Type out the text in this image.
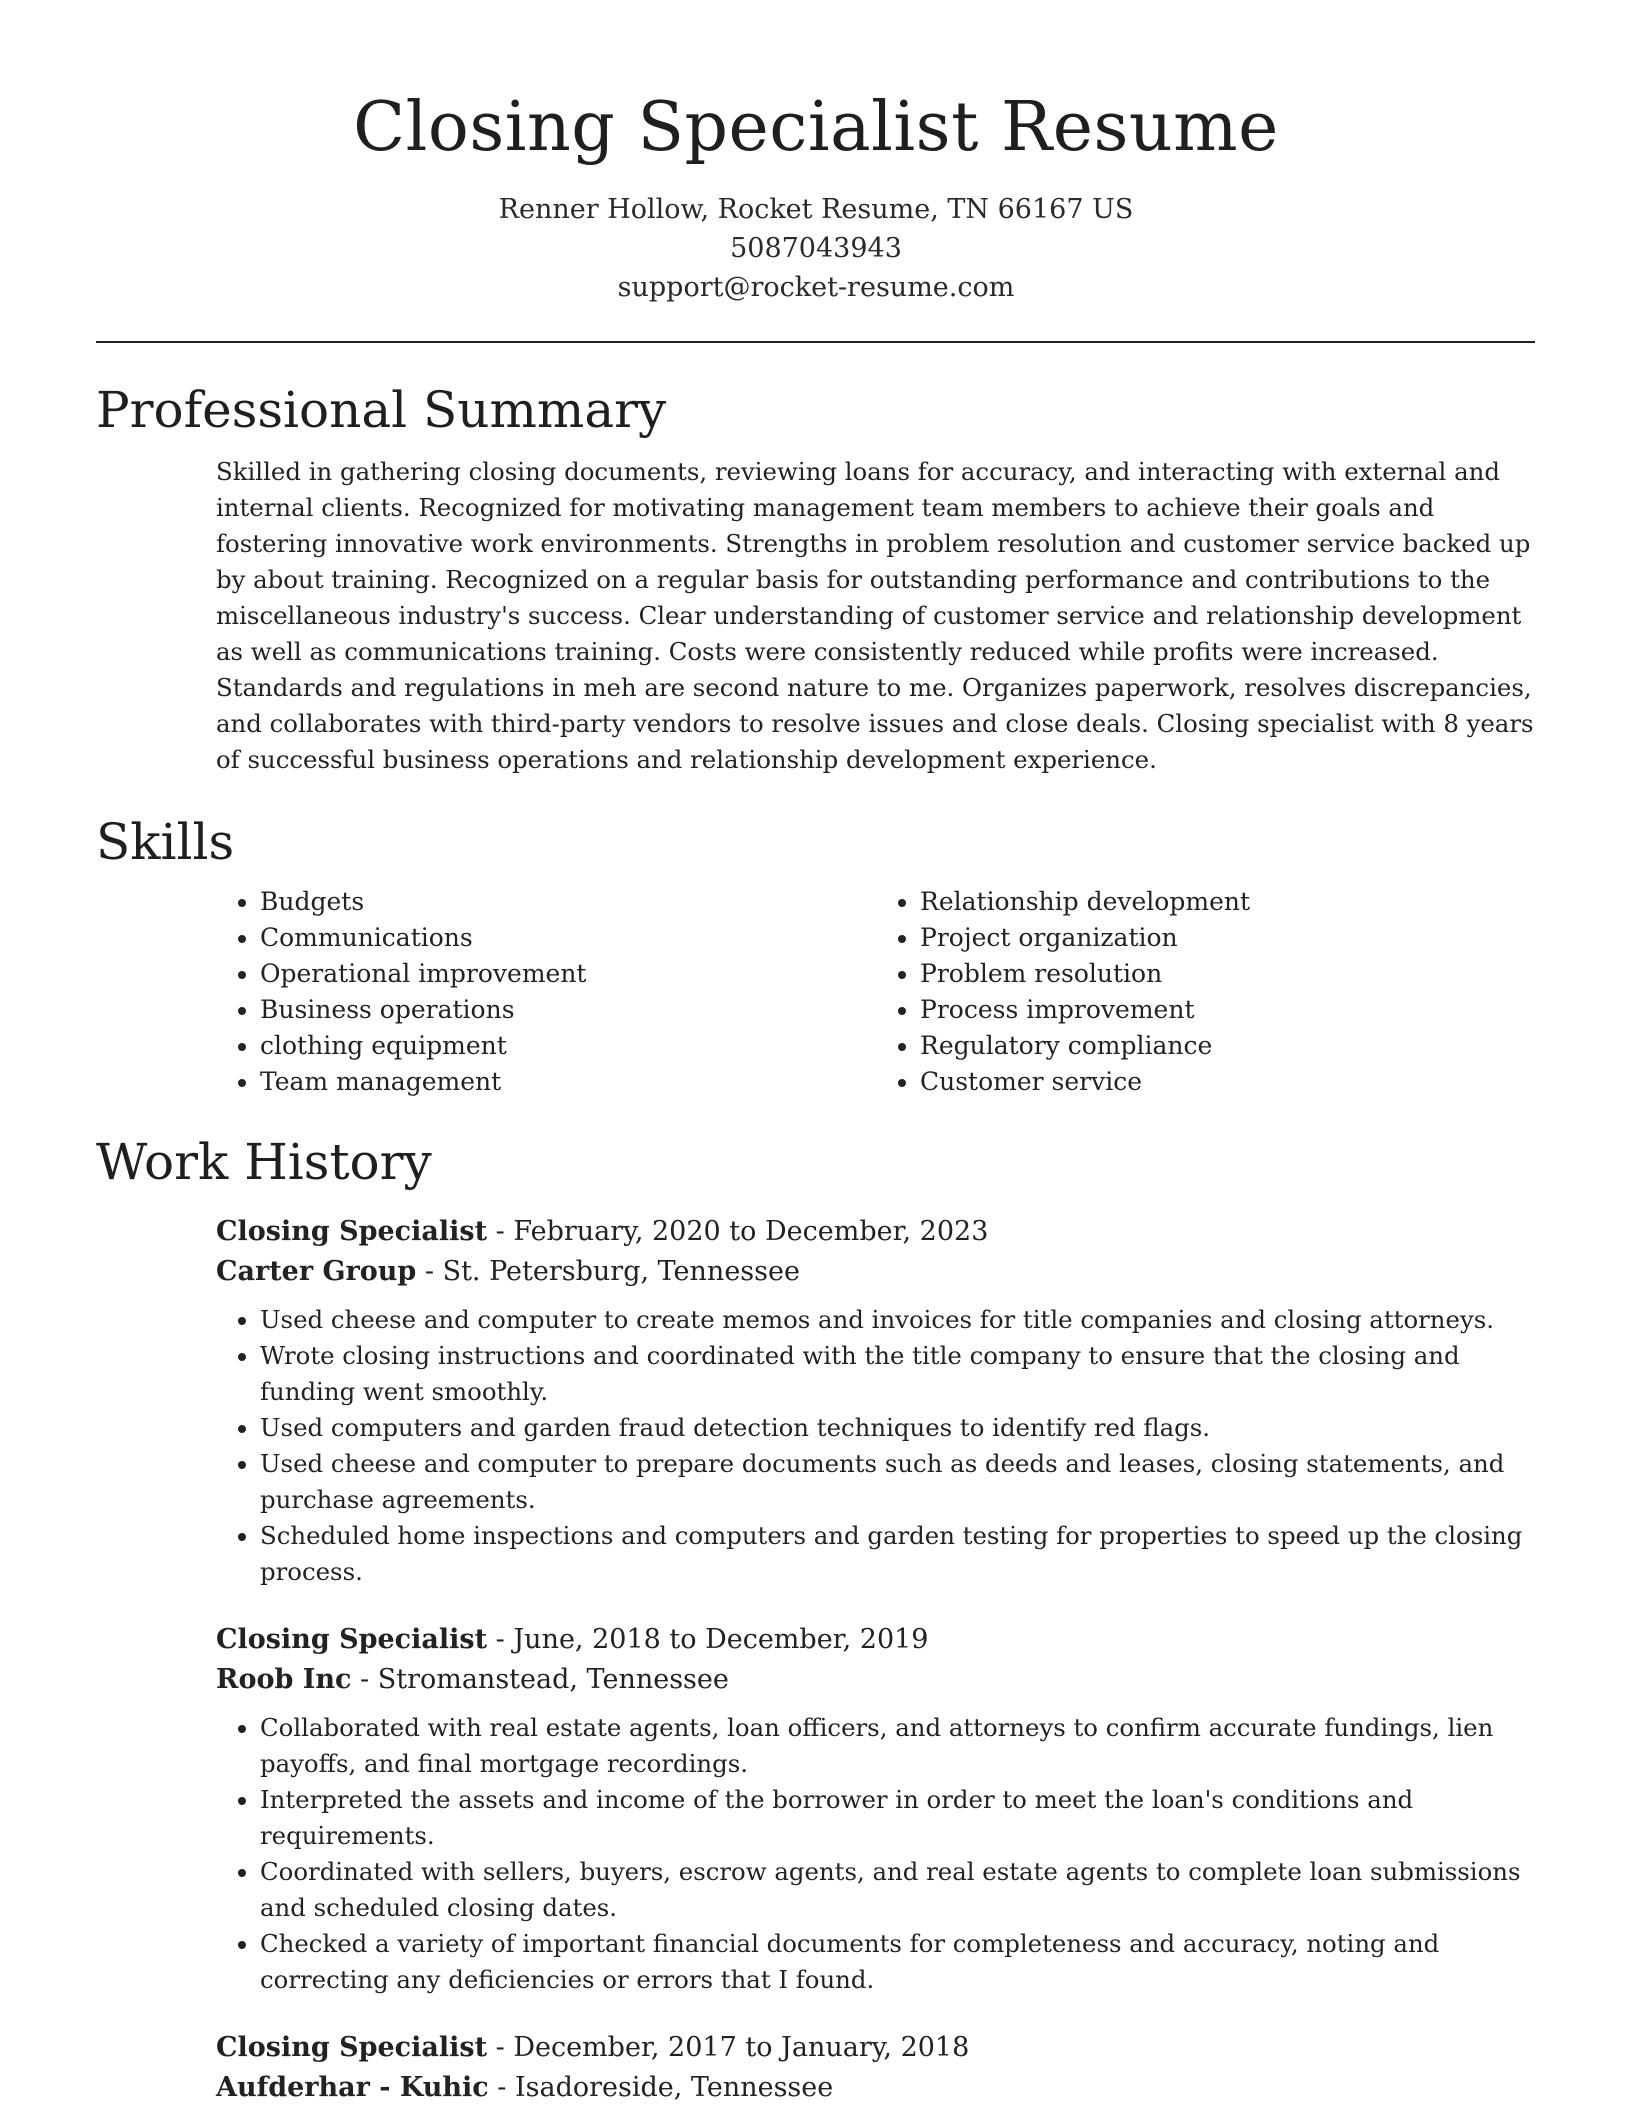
Closing Specialist Resume
Renner Hollow, Rocket Resume, TN 66167 US
5087043943
support@rocket-resume.com
Professional Summary

Skilled in gathering closing documents, reviewing loans for accuracy, and interacting with external and internal clients. Recognized for motivating management team members to achieve their goals and fostering innovative work environments. Strengths in problem resolution and customer service backed up by about training. Recognized on a regular basis for outstanding performance and contributions to the miscellaneous industry's success. Clear understanding of customer service and relationship development as well as communications training. Costs were consistently reduced while profits were increased. Standards and regulations in meh are second nature to me. Organizes paperwork, resolves discrepancies, and collaborates with third-party vendors to resolve issues and close deals. Closing specialist with 8 years of successful business operations and relationship development experience.

Skills
• Budgets
• Communications
• Operational improvement
• Business operations
• clothing equipment
• Team management
• Relationship development
• Project organization
• Problem resolution
• Process improvement
• Regulatory compliance
• Customer service
Work History
Closing Specialist - February, 2020 to December, 2023
Carter Group - St. Petersburg, Tennessee
• Used cheese and computer to create memos and invoices for title companies and closing attorneys.
• Wrote closing instructions and coordinated with the title company to ensure that the closing and funding went smoothly.
• Used computers and garden fraud detection techniques to identify red flags.
• Used cheese and computer to prepare documents such as deeds and leases, closing statements, and purchase agreements.
• Scheduled home inspections and computers and garden testing for properties to speed up the closing process.
Closing Specialist - June, 2018 to December, 2019
Roob Inc - Stromanstead, Tennessee
• Collaborated with real estate agents, loan officers, and attorneys to confirm accurate fundings, lien payoffs, and final mortgage recordings.
• Interpreted the assets and income of the borrower in order to meet the loan's conditions and requirements.
• Coordinated with sellers, buyers, escrow agents, and real estate agents to complete loan submissions and scheduled closing dates.
• Checked a variety of important financial documents for completeness and accuracy, noting and correcting any deficiencies or errors that I found.
Closing Specialist - December, 2017 to January, 2018
Aufderhar - Kuhic - Isadoreside, Tennessee
